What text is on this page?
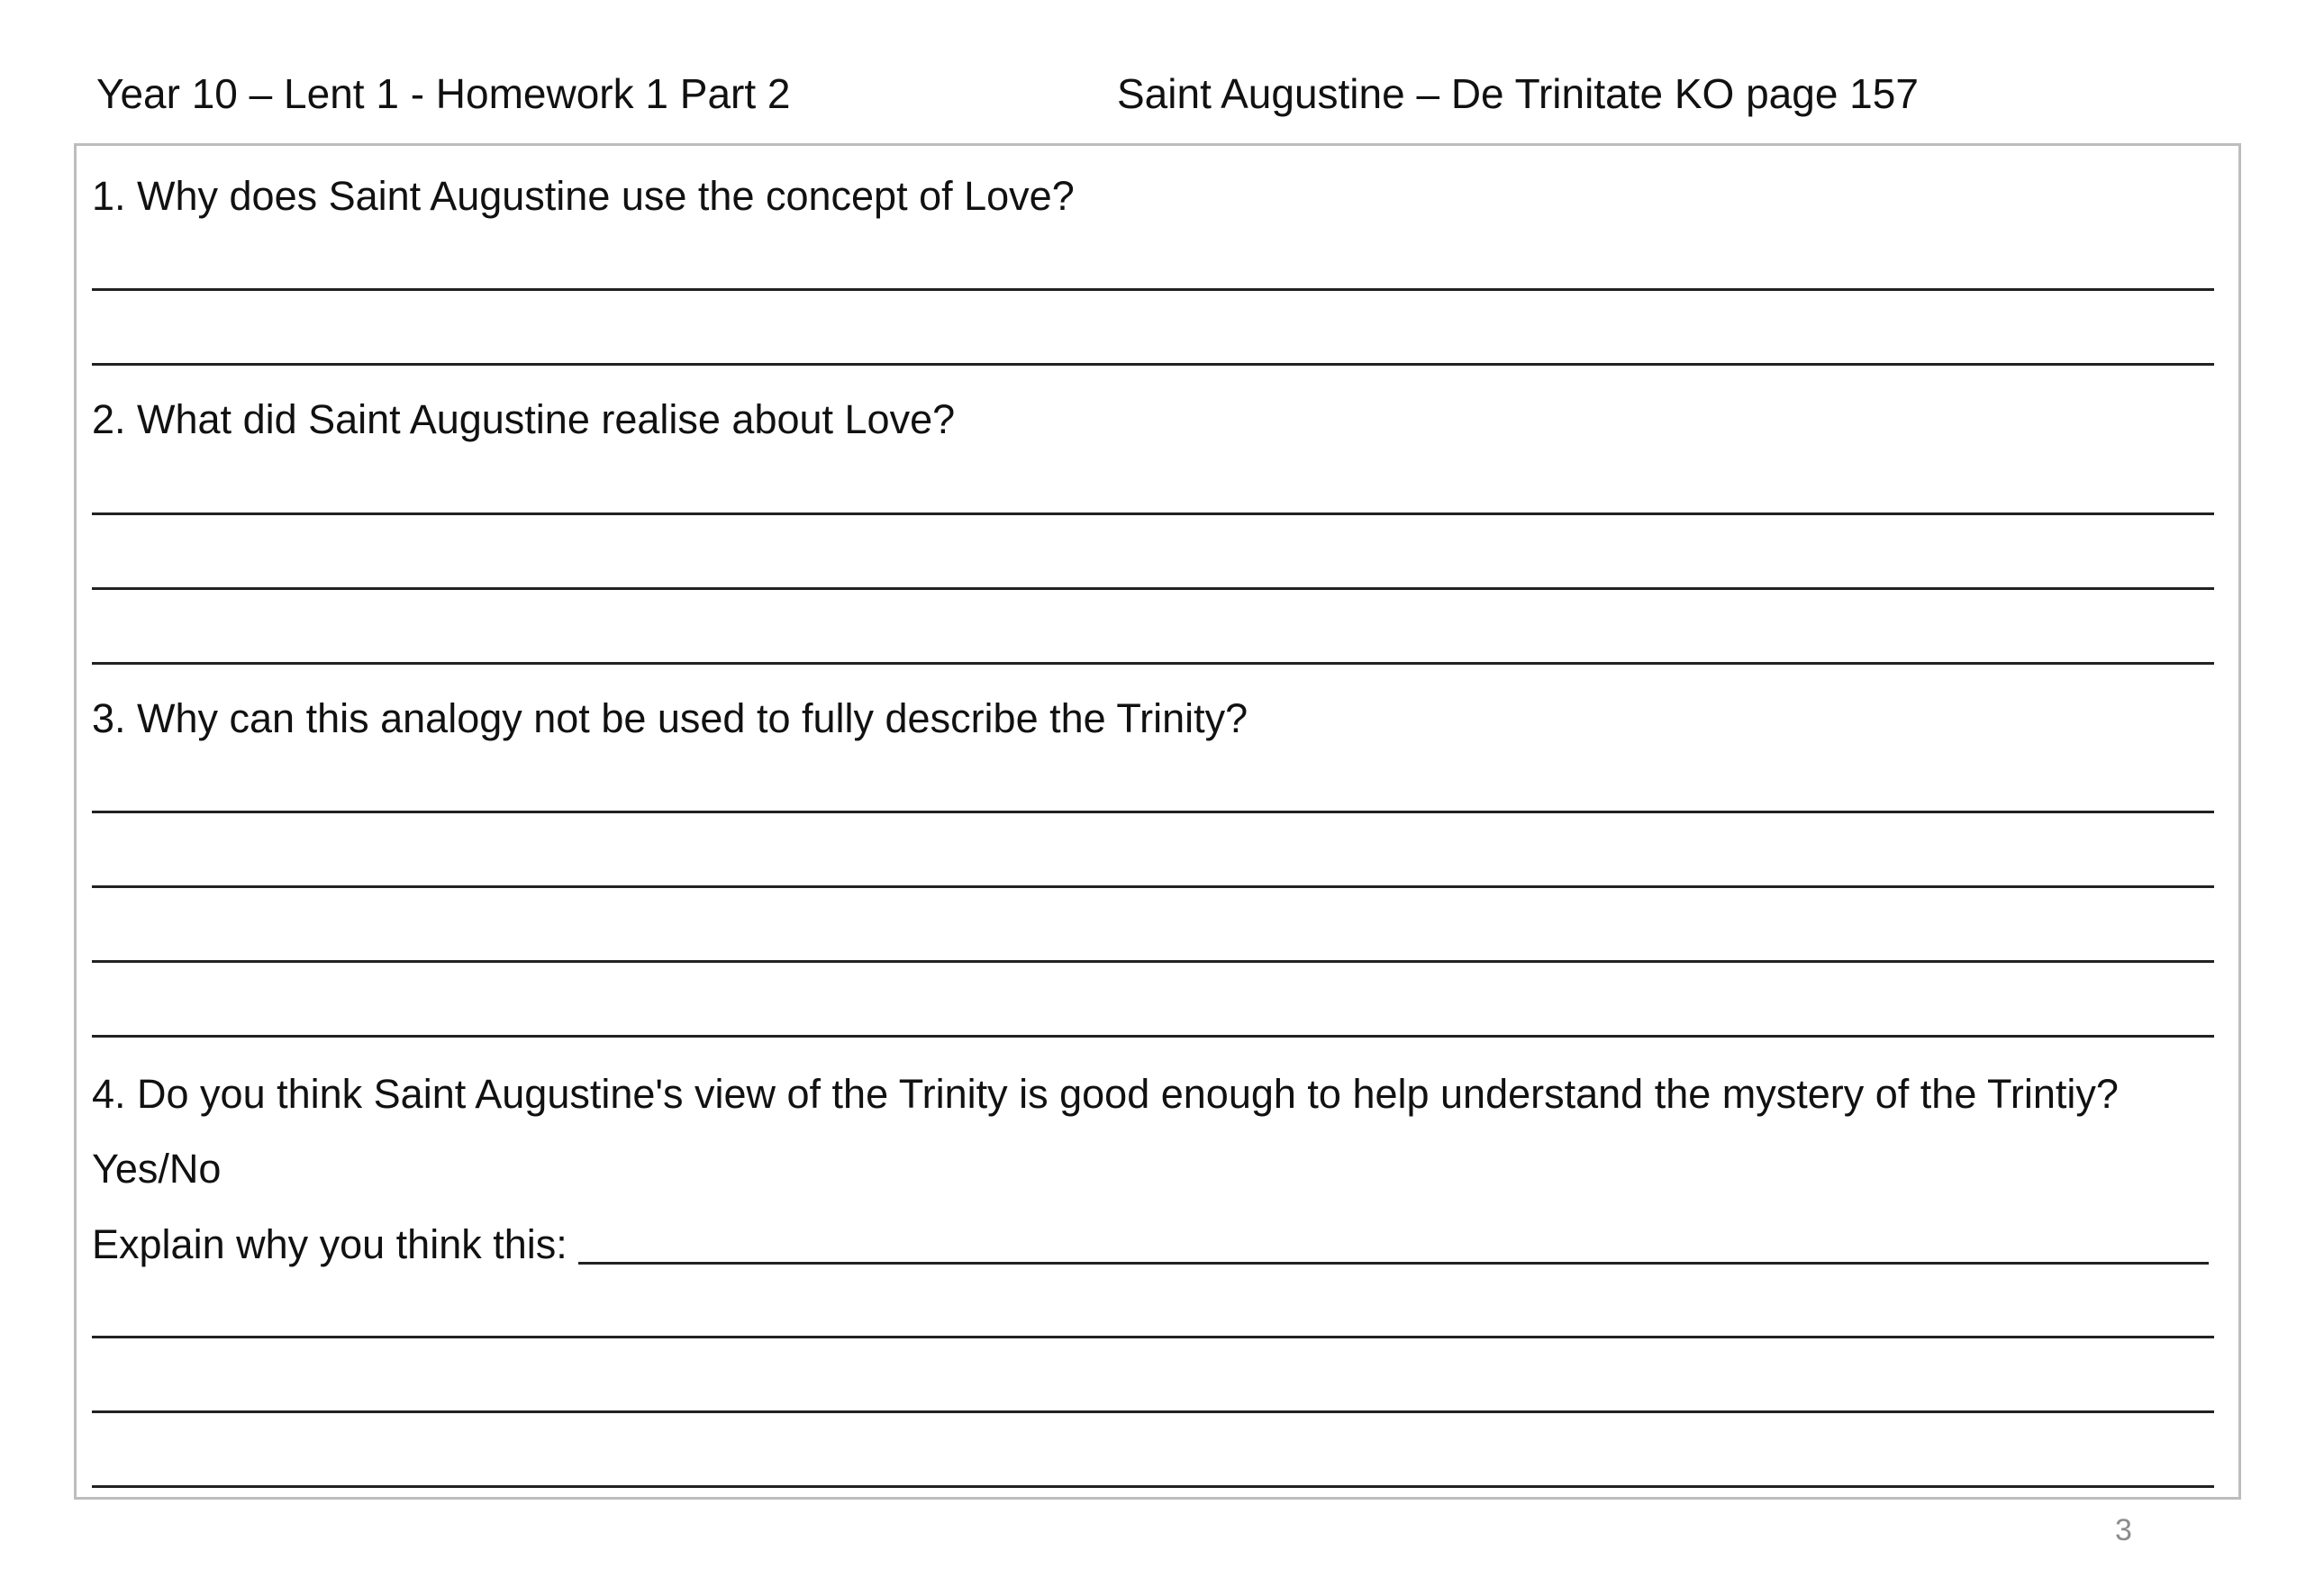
Year 10 – Lent 1 - Homework 1 Part 2	Saint Augustine – De Trinitate KO page 157
1. Why does Saint Augustine use the concept of Love?
2. What did Saint Augustine realise about Love?
3. Why can this analogy not be used to fully describe the Trinity?
4. Do you think Saint Augustine's view of the Trinity is good enough to help understand the mystery of the Trintiy?
Yes/No
Explain why you think this:
3
